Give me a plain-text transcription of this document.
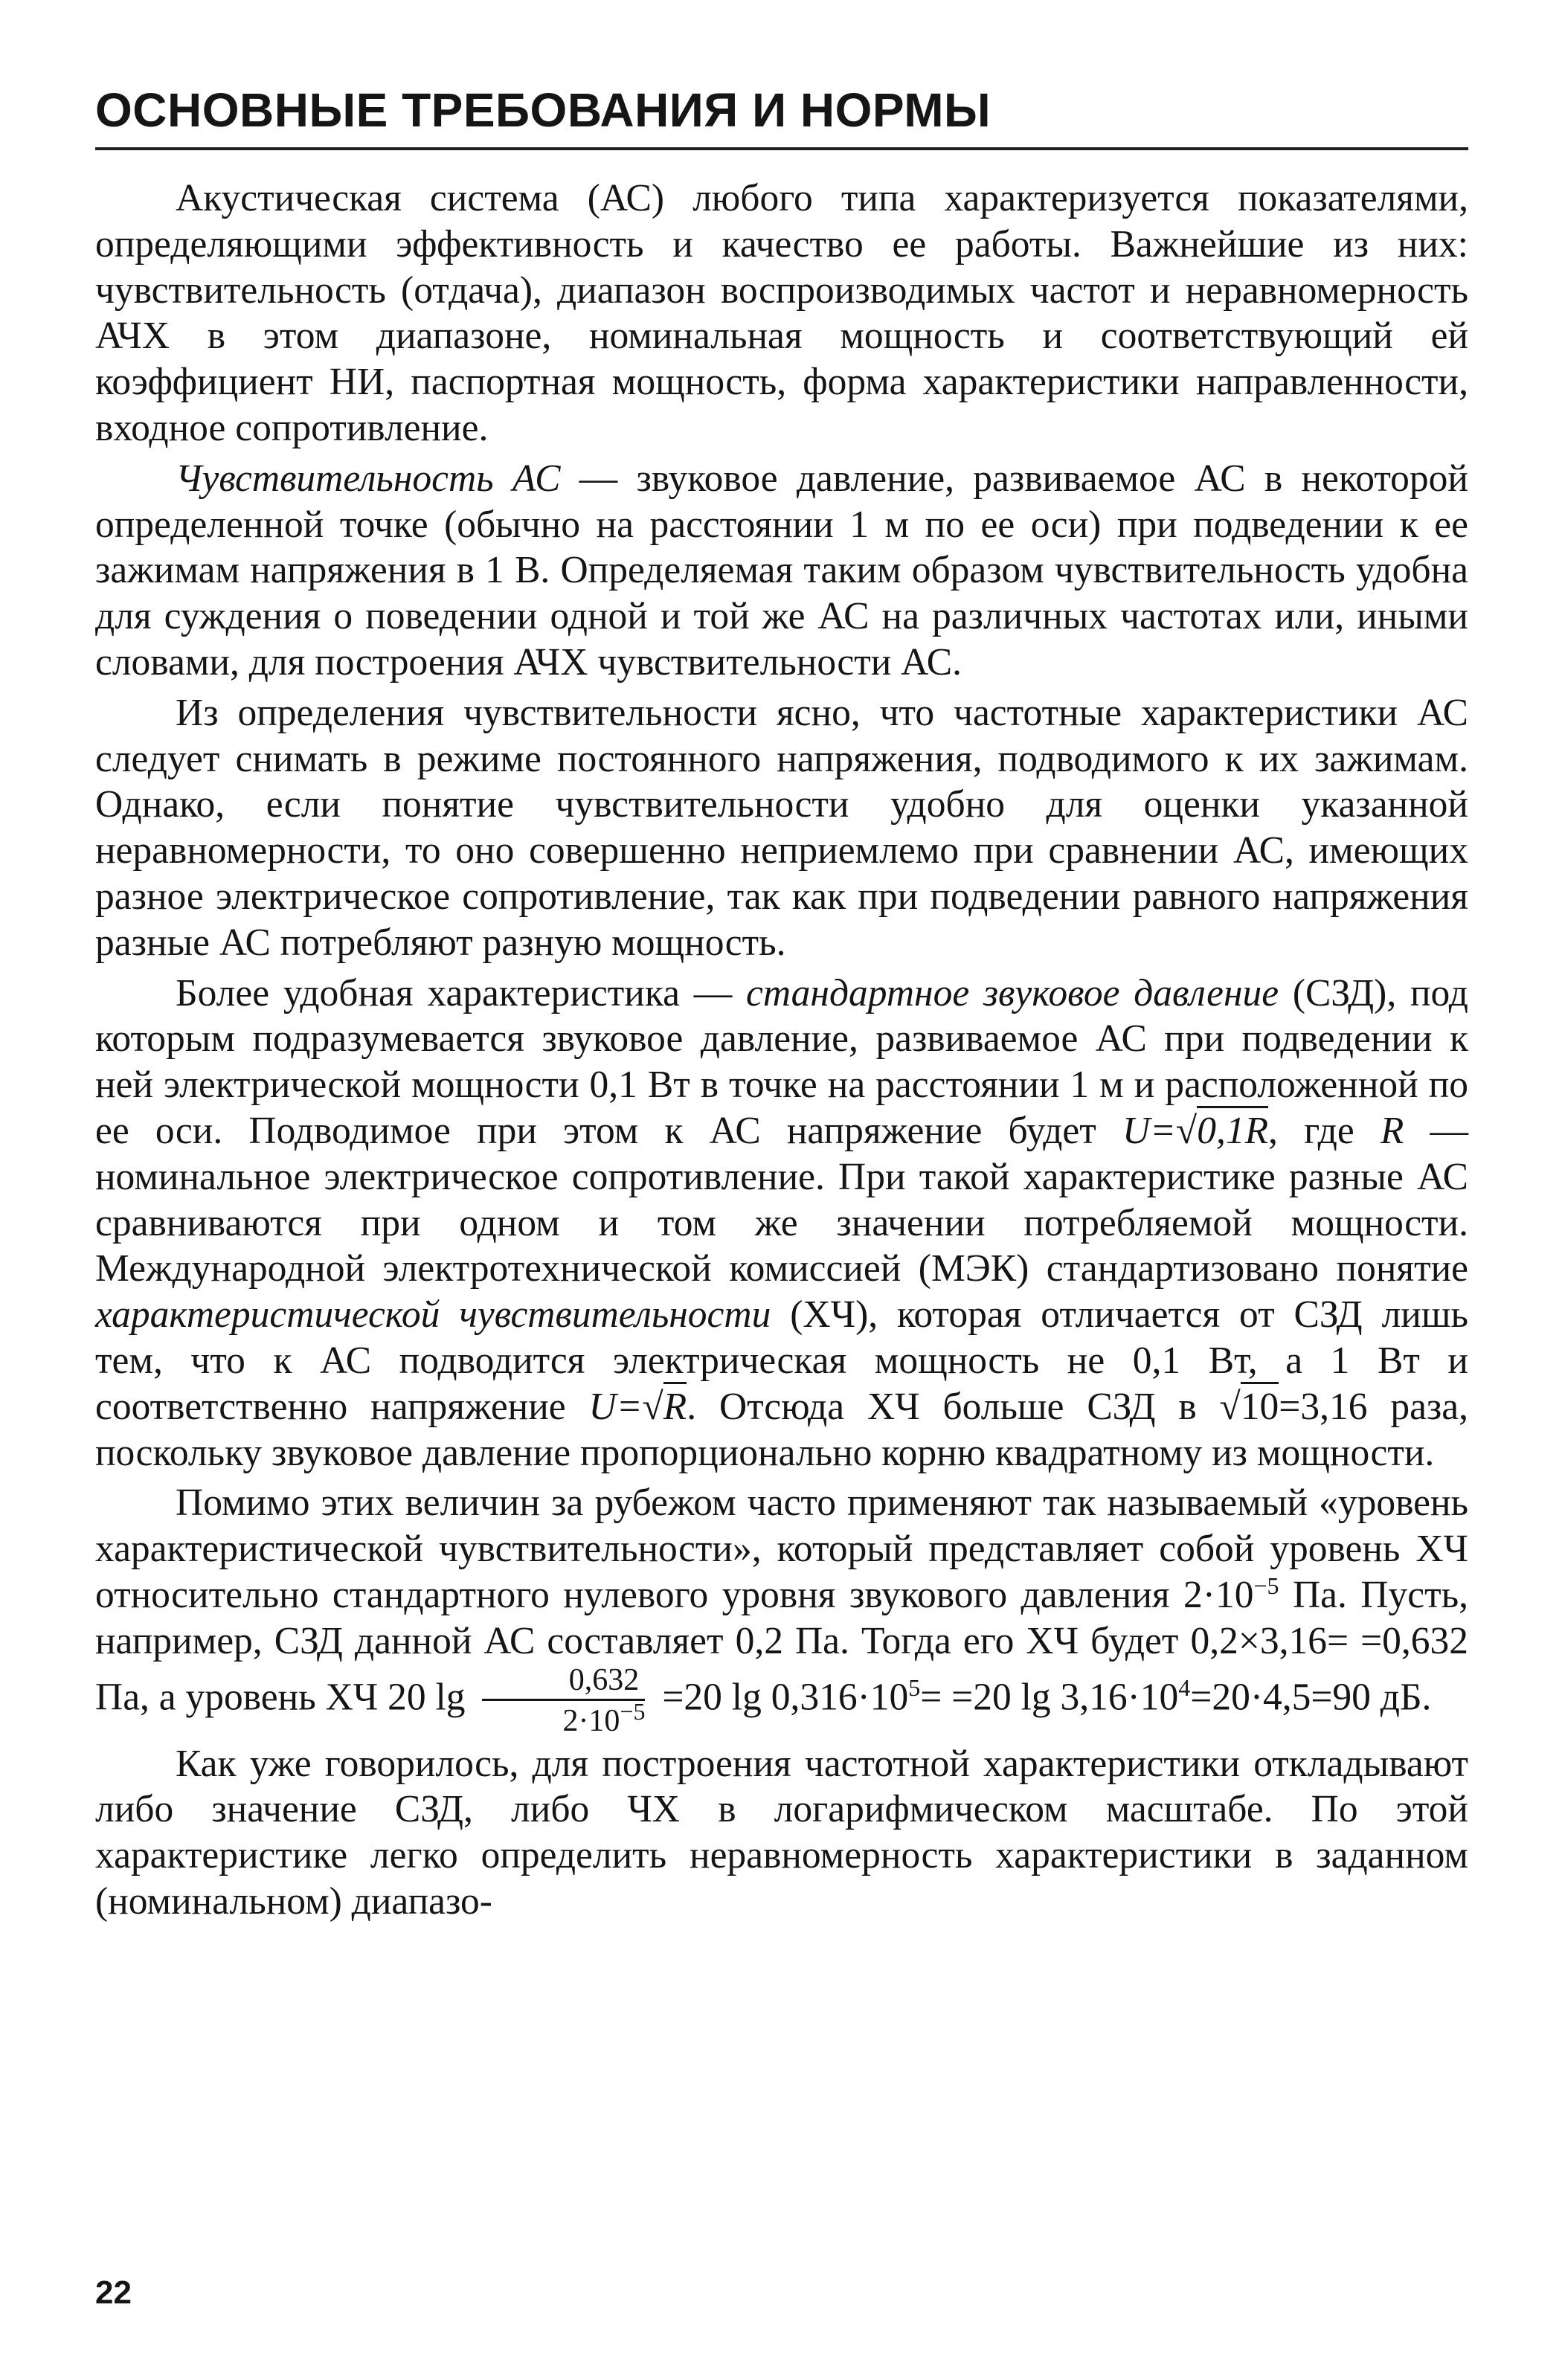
ОСНОВНЫЕ ТРЕБОВАНИЯ И НОРМЫ

Акустическая система (АС) любого типа характеризуется показателями, определяющими эффективность и качество ее работы. Важнейшие из них: чувствительность (отдача), диапазон воспроизводимых частот и неравномерность АЧХ в этом диапазоне, номинальная мощность и соответствующий ей коэффициент НИ, паспортная мощность, форма характеристики направленности, входное сопротивление.

Чувствительность АС — звуковое давление, развиваемое АС в некоторой определенной точке (обычно на расстоянии 1 м по ее оси) при подведении к ее зажимам напряжения в 1 В. Определяемая таким образом чувствительность удобна для суждения о поведении одной и той же АС на различных частотах или, иными словами, для построения АЧХ чувствительности АС.

Из определения чувствительности ясно, что частотные характеристики АС следует снимать в режиме постоянного напряжения, подводимого к их зажимам. Однако, если понятие чувствительности удобно для оценки указанной неравномерности, то оно совершенно неприемлемо при сравнении АС, имеющих разное электрическое сопротивление, так как при подведении равного напряжения разные АС потребляют разную мощность.

Более удобная характеристика — стандартное звуковое давление (СЗД), под которым подразумевается звуковое давление, развиваемое АС при подведении к ней электрической мощности 0,1 Вт в точке на расстоянии 1 м и расположенной по ее оси. Подводимое при этом к АС напряжение будет U=√0,1R, где R — номинальное электрическое сопротивление. При такой характеристике разные АС сравниваются при одном и том же значении потребляемой мощности. Международной электротехнической комиссией (МЭК) стандартизовано понятие характеристической чувствительности (ХЧ), которая отличается от СЗД лишь тем, что к АС подводится электрическая мощность не 0,1 Вт, а 1 Вт и соответственно напряжение U=√R. Отсюда ХЧ больше СЗД в √10=3,16 раза, поскольку звуковое давление пропорционально корню квадратному из мощности.

Помимо этих величин за рубежом часто применяют так называемый «уровень характеристической чувствительности», который представляет собой уровень ХЧ относительно стандартного нулевого уровня звукового давления $2\cdot 10^{-5}$ Па. Пусть, например, СЗД данной АС составляет 0,2 Па. Тогда его ХЧ будет 0,2×3,16= =0,632 Па, а уровень ХЧ 20 $\lg \frac{0,632}{2\cdot 10^{-5}} =20$ $\lg 0,316\cdot 10^5= =20$ $\lg 3,16\cdot 10^4=20\cdot 4,5=90$ дБ.

Как уже говорилось, для построения частотной характеристики откладывают либо значение СЗД, либо ЧХ в логарифмическом масштабе. По этой характеристике легко определить неравномерность характеристики в заданном (номинальном) диапазо-

22
